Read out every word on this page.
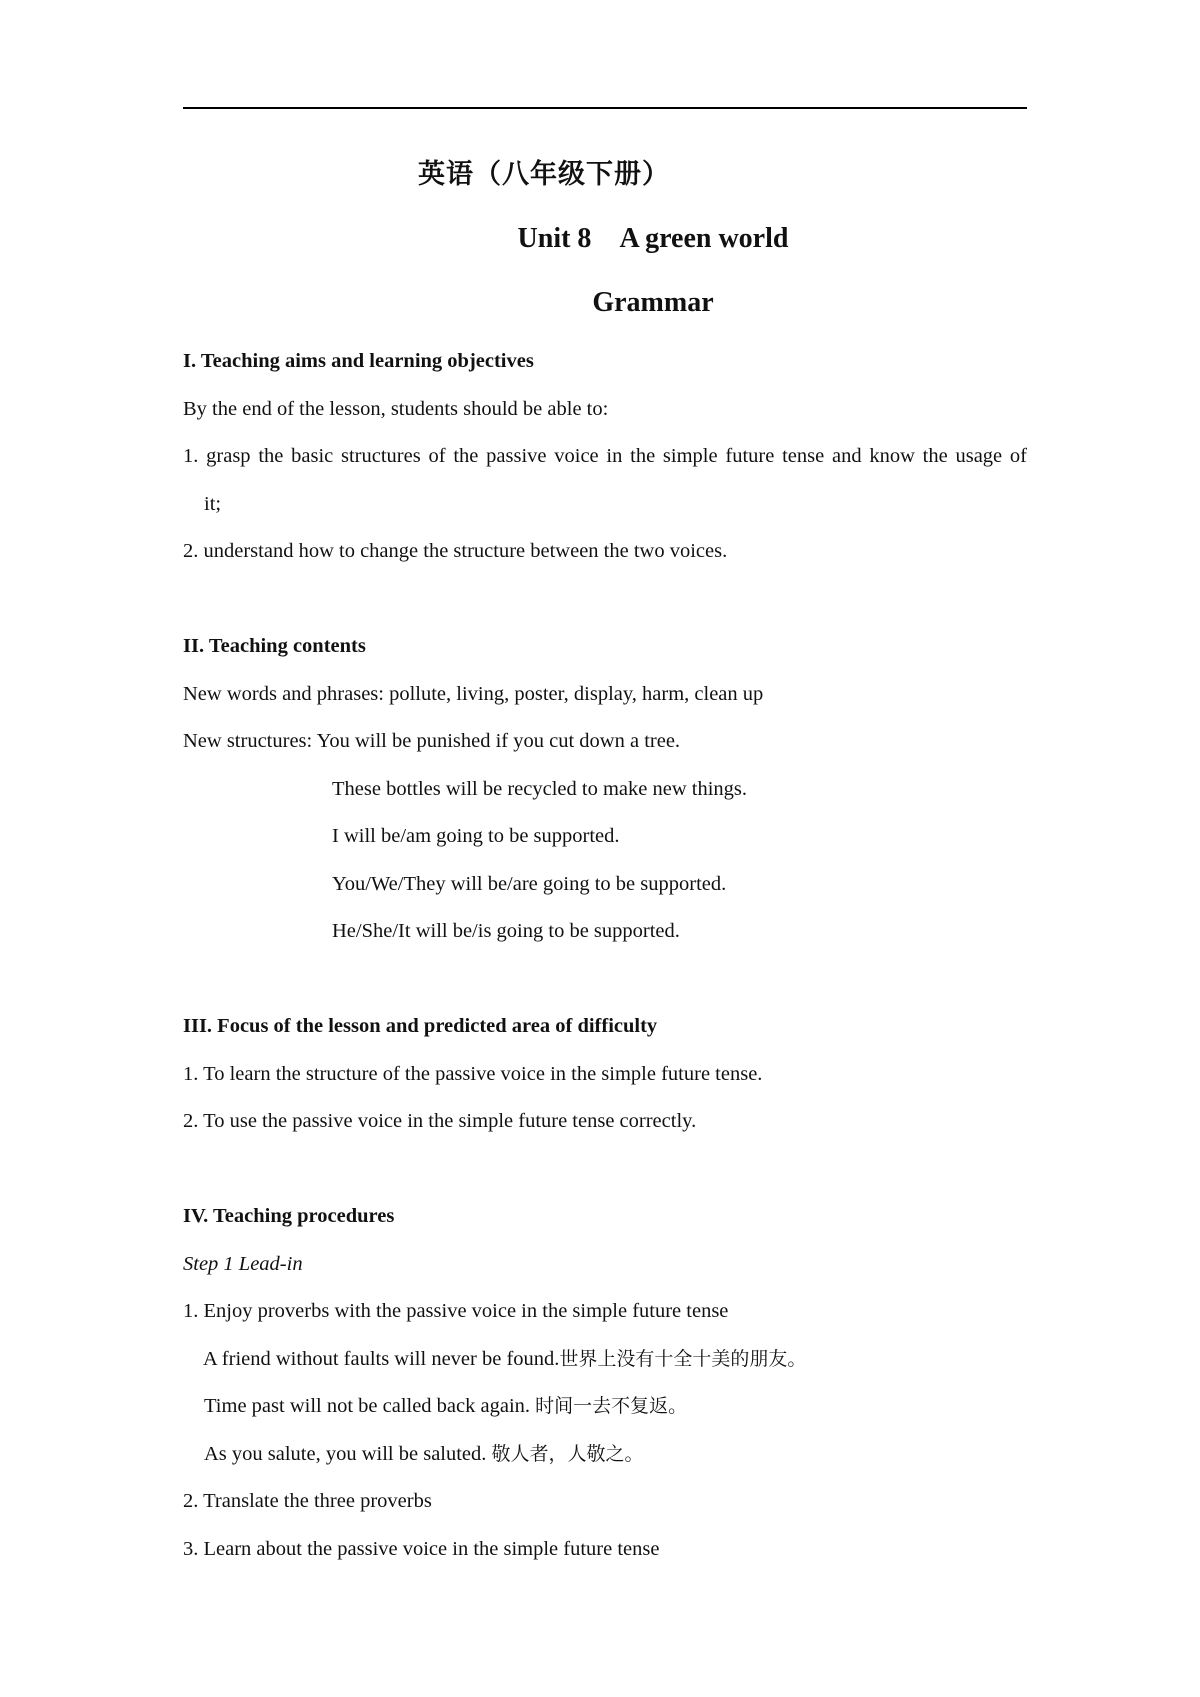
英语（八年级下册）
Unit 8 A green world
Grammar
I. Teaching aims and learning objectives
By the end of the lesson, students should be able to:
1. grasp the basic structures of the passive voice in the simple future tense and know the usage of
it;
2. understand how to change the structure between the two voices.
II. Teaching contents
New words and phrases: pollute, living, poster, display, harm, clean up
New structures: You will be punished if you cut down a tree.
These bottles will be recycled to make new things.
I will be/am going to be supported.
You/We/They will be/are going to be supported.
He/She/It will be/is going to be supported.
III. Focus of the lesson and predicted area of difficulty
1. To learn the structure of the passive voice in the simple future tense.
2. To use the passive voice in the simple future tense correctly.
IV. Teaching procedures
Step 1 Lead-in
1. Enjoy proverbs with the passive voice in the simple future tense
A friend without faults will never be found.世界上没有十全十美的朋友。
Time past will not be called back again. 时间一去不复返。
As you salute, you will be saluted. 敬人者，人敬之。
2. Translate the three proverbs
3. Learn about the passive voice in the simple future tense
